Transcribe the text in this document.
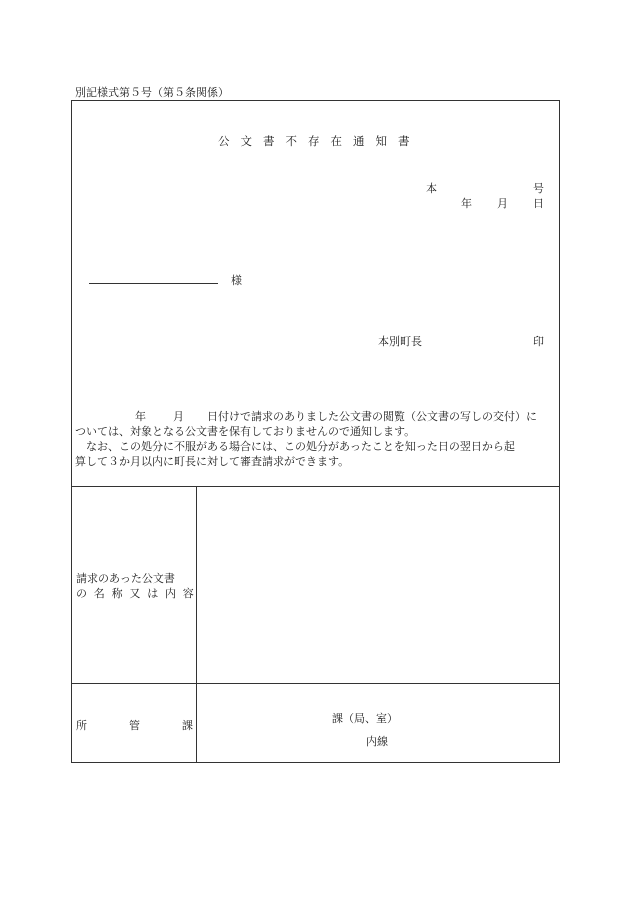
別記様式第５号（第５条関係）
公文書不存在通知書
本	号
年 月 日
様
本別町長	印

年 月 日付けで請求のありました公文書の閲覧（公文書の写しの交付）に

ついては、対象となる公文書を保有しておりませんので通知します。

なお、この処分に不服がある場合には、この処分があったことを知った日の翌日から起

算して３か月以内に町長に対して審査請求ができます。

請求のあった公文書
の名称又は内容
所管課
課（局、室）
内線
